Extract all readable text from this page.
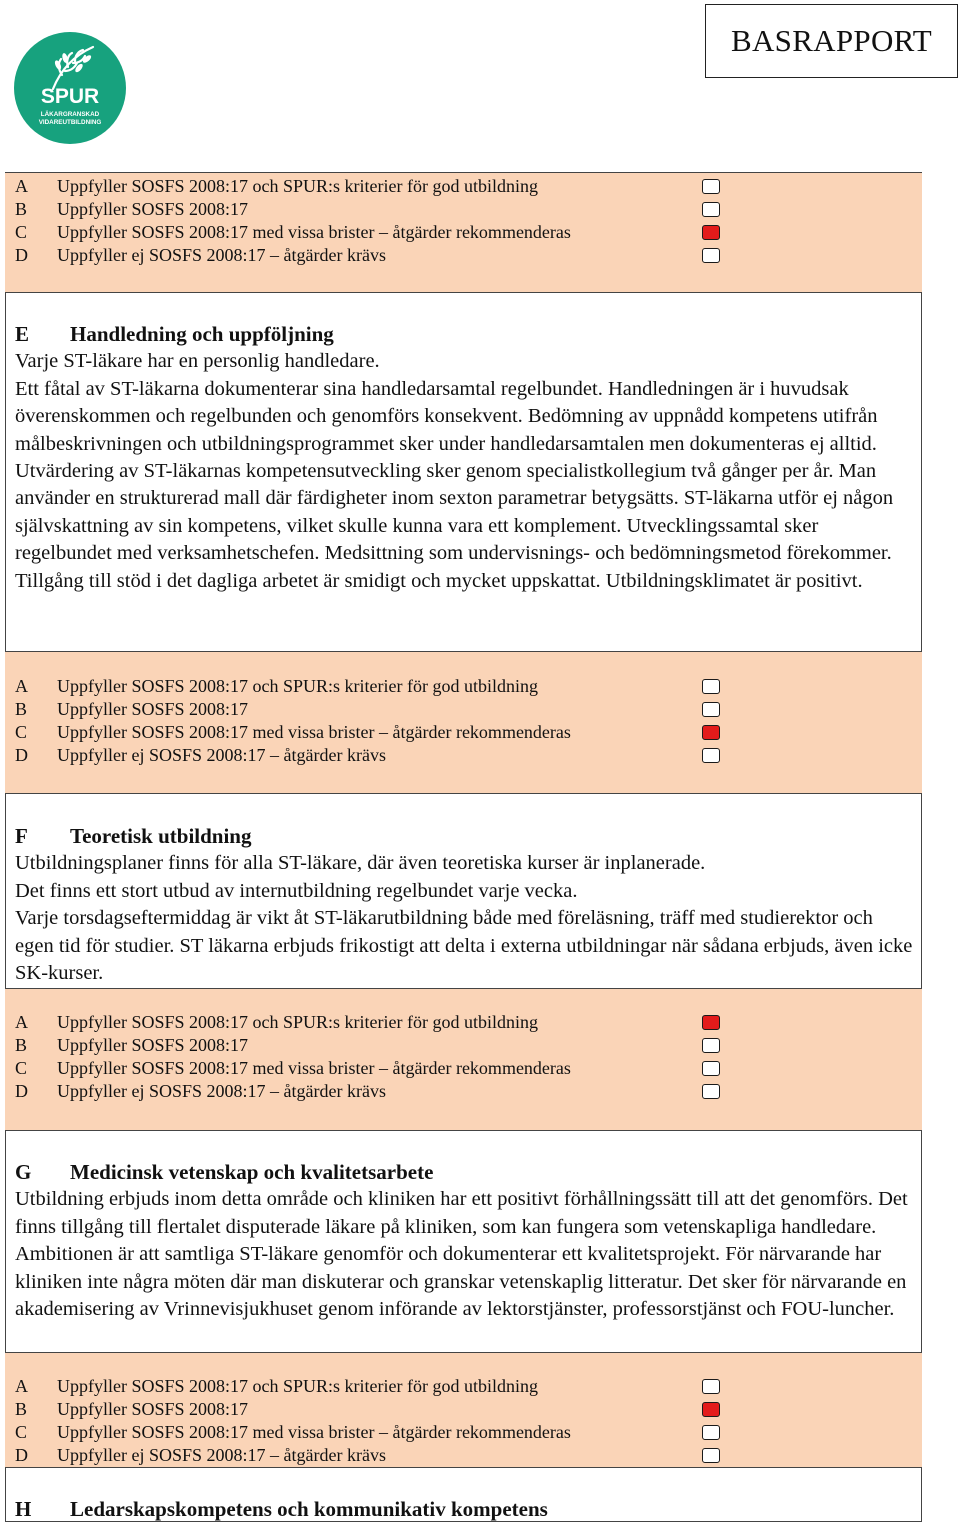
SPUR
LÄKARGRANSKAD
VIDAREUTBILDNING
BASRAPPORT
A Uppfyller SOSFS 2008:17 och SPUR:s kriterier för god utbildning
B Uppfyller SOSFS 2008:17
C Uppfyller SOSFS 2008:17 med vissa brister – åtgärder rekommenderas
D Uppfyller ej SOSFS 2008:17 – åtgärder krävs
E	Handledning och uppföljning

Varje ST-läkare har en personlig handledare.

Ett fåtal av ST-läkarna dokumenterar sina handledarsamtal regelbundet. Handledningen är i huvudsak överenskommen och regelbunden och genomförs konsekvent. Bedömning av uppnådd kompetens utifrån målbeskrivningen och utbildningsprogrammet sker under handledarsamtalen men dokumenteras ej alltid. Utvärdering av ST-läkarnas kompetensutveckling sker genom specialistkollegium två gånger per år. Man använder en strukturerad mall där färdigheter inom sexton parametrar betygsätts. ST-läkarna utför ej någon självskattning av sin kompetens, vilket skulle kunna vara ett komplement. Utvecklingssamtal sker regelbundet med verksamhetschefen. Medsittning som undervisnings- och bedömningsmetod förekommer. Tillgång till stöd i det dagliga arbetet är smidigt och mycket uppskattat. Utbildningsklimatet är positivt.

A Uppfyller SOSFS 2008:17 och SPUR:s kriterier för god utbildning
B Uppfyller SOSFS 2008:17
C Uppfyller SOSFS 2008:17 med vissa brister – åtgärder rekommenderas
D Uppfyller ej SOSFS 2008:17 – åtgärder krävs
F	Teoretisk utbildning

Utbildningsplaner finns för alla ST-läkare, där även teoretiska kurser är inplanerade.

Det finns ett stort utbud av internutbildning regelbundet varje vecka.

Varje torsdagseftermiddag är vikt åt ST-läkarutbildning både med föreläsning, träff med studierektor och egen tid för studier. ST läkarna erbjuds frikostigt att delta i externa utbildningar när sådana erbjuds, även icke SK-kurser.

A Uppfyller SOSFS 2008:17 och SPUR:s kriterier för god utbildning
B Uppfyller SOSFS 2008:17
C Uppfyller SOSFS 2008:17 med vissa brister – åtgärder rekommenderas
D Uppfyller ej SOSFS 2008:17 – åtgärder krävs
G	Medicinsk vetenskap och kvalitetsarbete

Utbildning erbjuds inom detta område och kliniken har ett positivt förhållningssätt till att det genomförs. Det finns tillgång till flertalet disputerade läkare på kliniken, som kan fungera som vetenskapliga handledare. Ambitionen är att samtliga ST-läkare genomför och dokumenterar ett kvalitetsprojekt. För närvarande har kliniken inte några möten där man diskuterar och granskar vetenskaplig litteratur. Det sker för närvarande en akademisering av Vrinnevisjukhuset genom införande av lektorstjänster, professorstjänst och FOU-luncher.

A Uppfyller SOSFS 2008:17 och SPUR:s kriterier för god utbildning
B Uppfyller SOSFS 2008:17
C Uppfyller SOSFS 2008:17 med vissa brister – åtgärder rekommenderas
D Uppfyller ej SOSFS 2008:17 – åtgärder krävs
H	Ledarskapskompetens och kommunikativ kompetens
